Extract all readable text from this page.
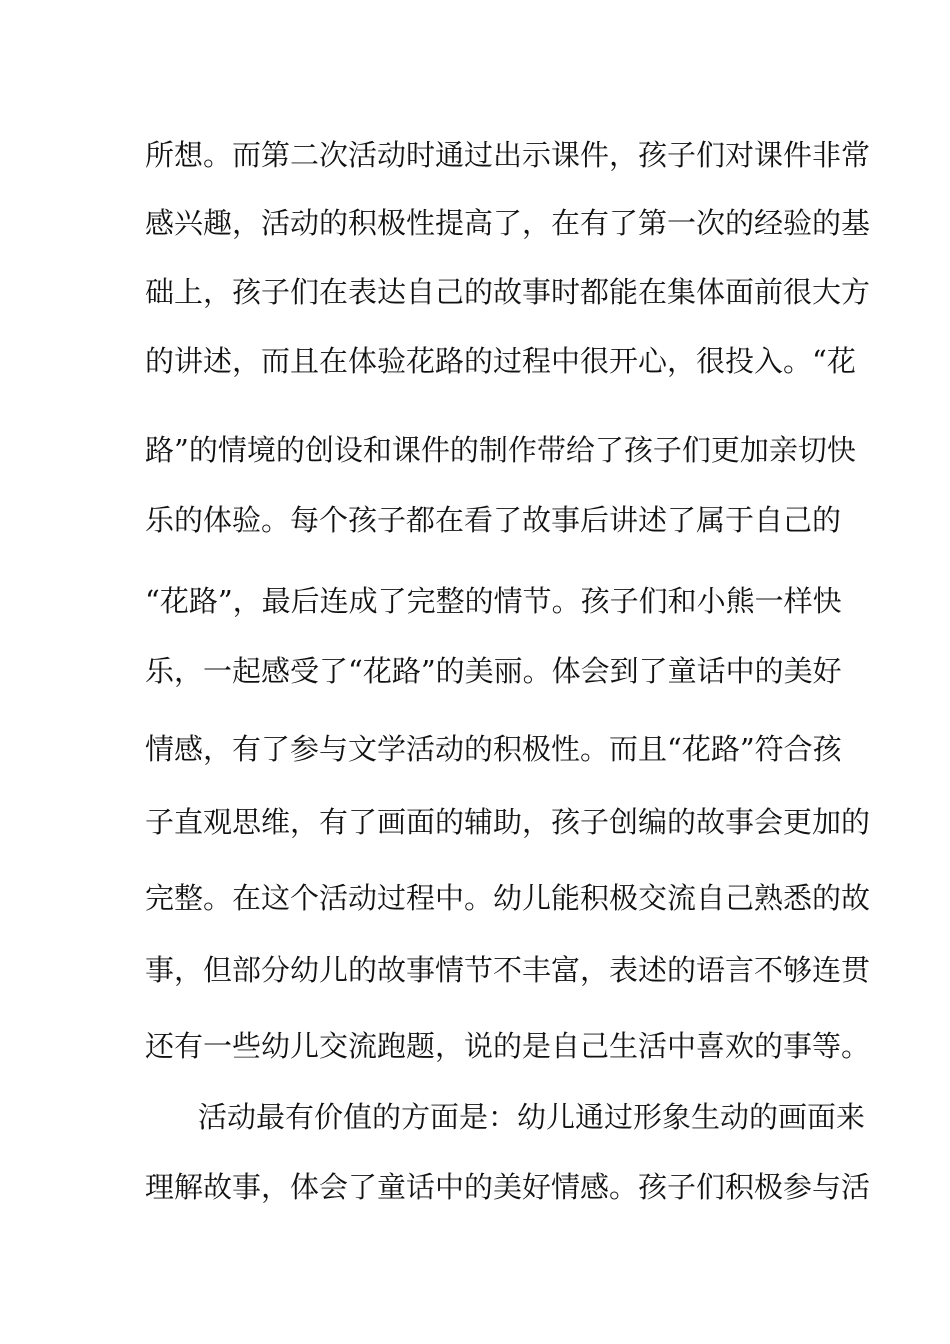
所想。而第二次活动时通过出示课件，孩子们对课件非常
感兴趣，活动的积极性提高了，在有了第一次的经验的基
础上，孩子们在表达自己的故事时都能在集体面前很大方
的讲述，而且在体验花路的过程中很开心，很投入。“花
路”的情境的创设和课件的制作带给了孩子们更加亲切快
乐的体验。每个孩子都在看了故事后讲述了属于自己的
“花路”，最后连成了完整的情节。孩子们和小熊一样快
乐，一起感受了“花路”的美丽。体会到了童话中的美好
情感，有了参与文学活动的积极性。而且“花路”符合孩
子直观思维，有了画面的辅助，孩子创编的故事会更加的
完整。在这个活动过程中。幼儿能积极交流自己熟悉的故
事，但部分幼儿的故事情节不丰富，表述的语言不够连贯
还有一些幼儿交流跑题，说的是自己生活中喜欢的事等。
活动最有价值的方面是：幼儿通过形象生动的画面来
理解故事，体会了童话中的美好情感。孩子们积极参与活
